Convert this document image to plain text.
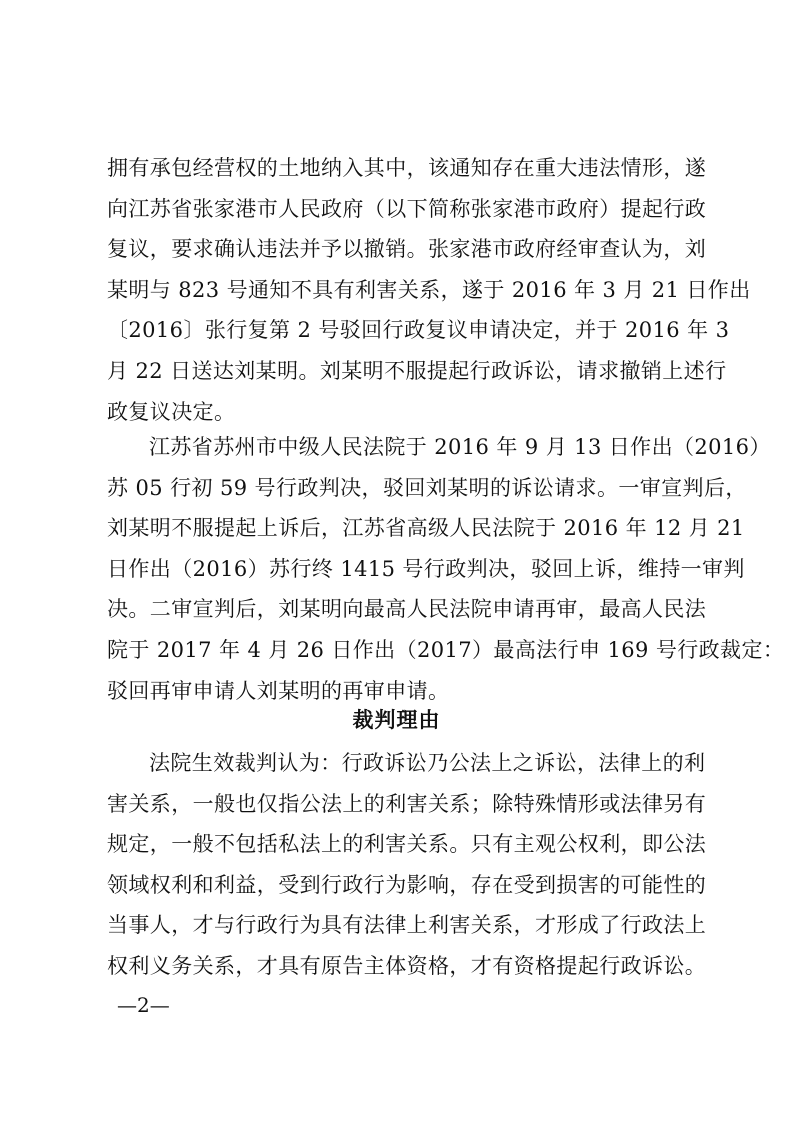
拥有承包经营权的土地纳入其中，该通知存在重大违法情形，遂
向江苏省张家港市人民政府（以下简称张家港市政府）提起行政
复议，要求确认违法并予以撤销。张家港市政府经审查认为，刘
某明与 823 号通知不具有利害关系，遂于 2016 年 3 月 21 日作出
〔2016〕张行复第 2 号驳回行政复议申请决定，并于 2016 年 3
月 22 日送达刘某明。刘某明不服提起行政诉讼，请求撤销上述行
政复议决定。
江苏省苏州市中级人民法院于 2016 年 9 月 13 日作出（2016）
苏 05 行初 59 号行政判决，驳回刘某明的诉讼请求。一审宣判后，
刘某明不服提起上诉后，江苏省高级人民法院于 2016 年 12 月 21
日作出（2016）苏行终 1415 号行政判决，驳回上诉，维持一审判
决。二审宣判后，刘某明向最高人民法院申请再审，最高人民法
院于 2017 年 4 月 26 日作出（2017）最高法行申 169 号行政裁定：
驳回再审申请人刘某明的再审申请。
裁判理由
法院生效裁判认为：行政诉讼乃公法上之诉讼，法律上的利
害关系，一般也仅指公法上的利害关系；除特殊情形或法律另有
规定，一般不包括私法上的利害关系。只有主观公权利，即公法
领域权利和利益，受到行政行为影响，存在受到损害的可能性的
当事人，才与行政行为具有法律上利害关系，才形成了行政法上
权利义务关系，才具有原告主体资格，才有资格提起行政诉讼。
—2—
